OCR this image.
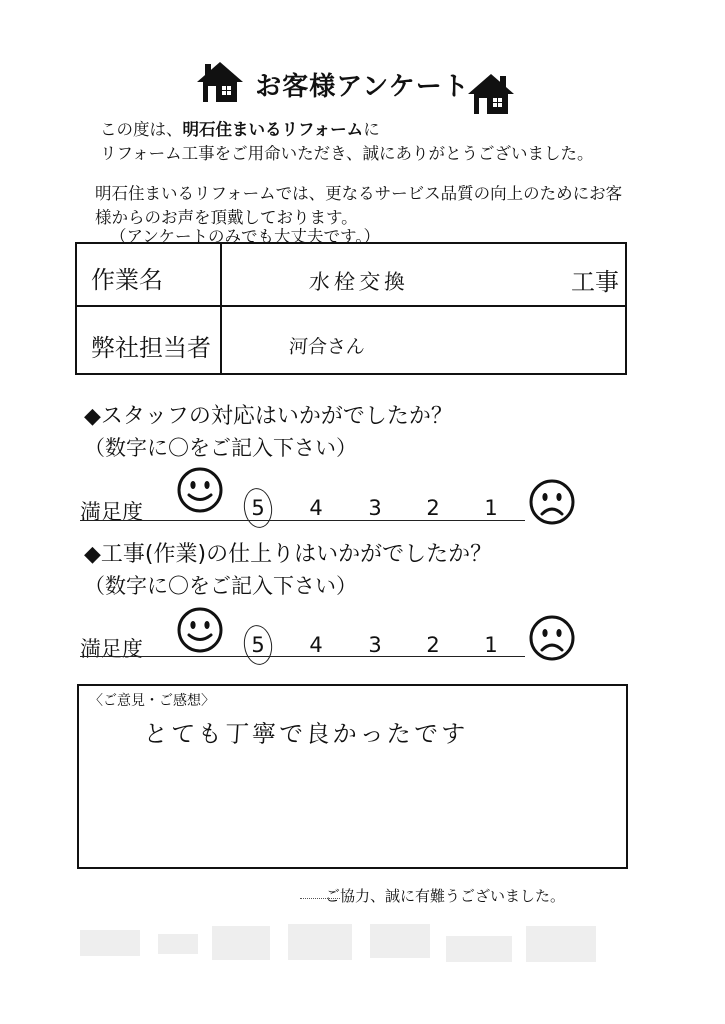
お客様アンケート
この度は、明石住まいるリフォームに
リフォーム工事をご用命いただき、誠にありがとうございました。
明石住まいるリフォームでは、更なるサービス品質の向上のためにお客
様からのお声を頂戴しております。
（アンケートのみでも大丈夫です。）
作業名	水栓交換	工事
弊社担当者	河合さん
◆スタッフの対応はいかがでしたか？
（数字に〇をご記入下さい）
満足度	5	4	3	2	1
◆工事(作業)の仕上りはいかがでしたか？
（数字に〇をご記入下さい）
満足度	5	4	3	2	1
〈ご意見・ご感想〉
とても丁寧で良かったです
ご協力、誠に有難うございました。
